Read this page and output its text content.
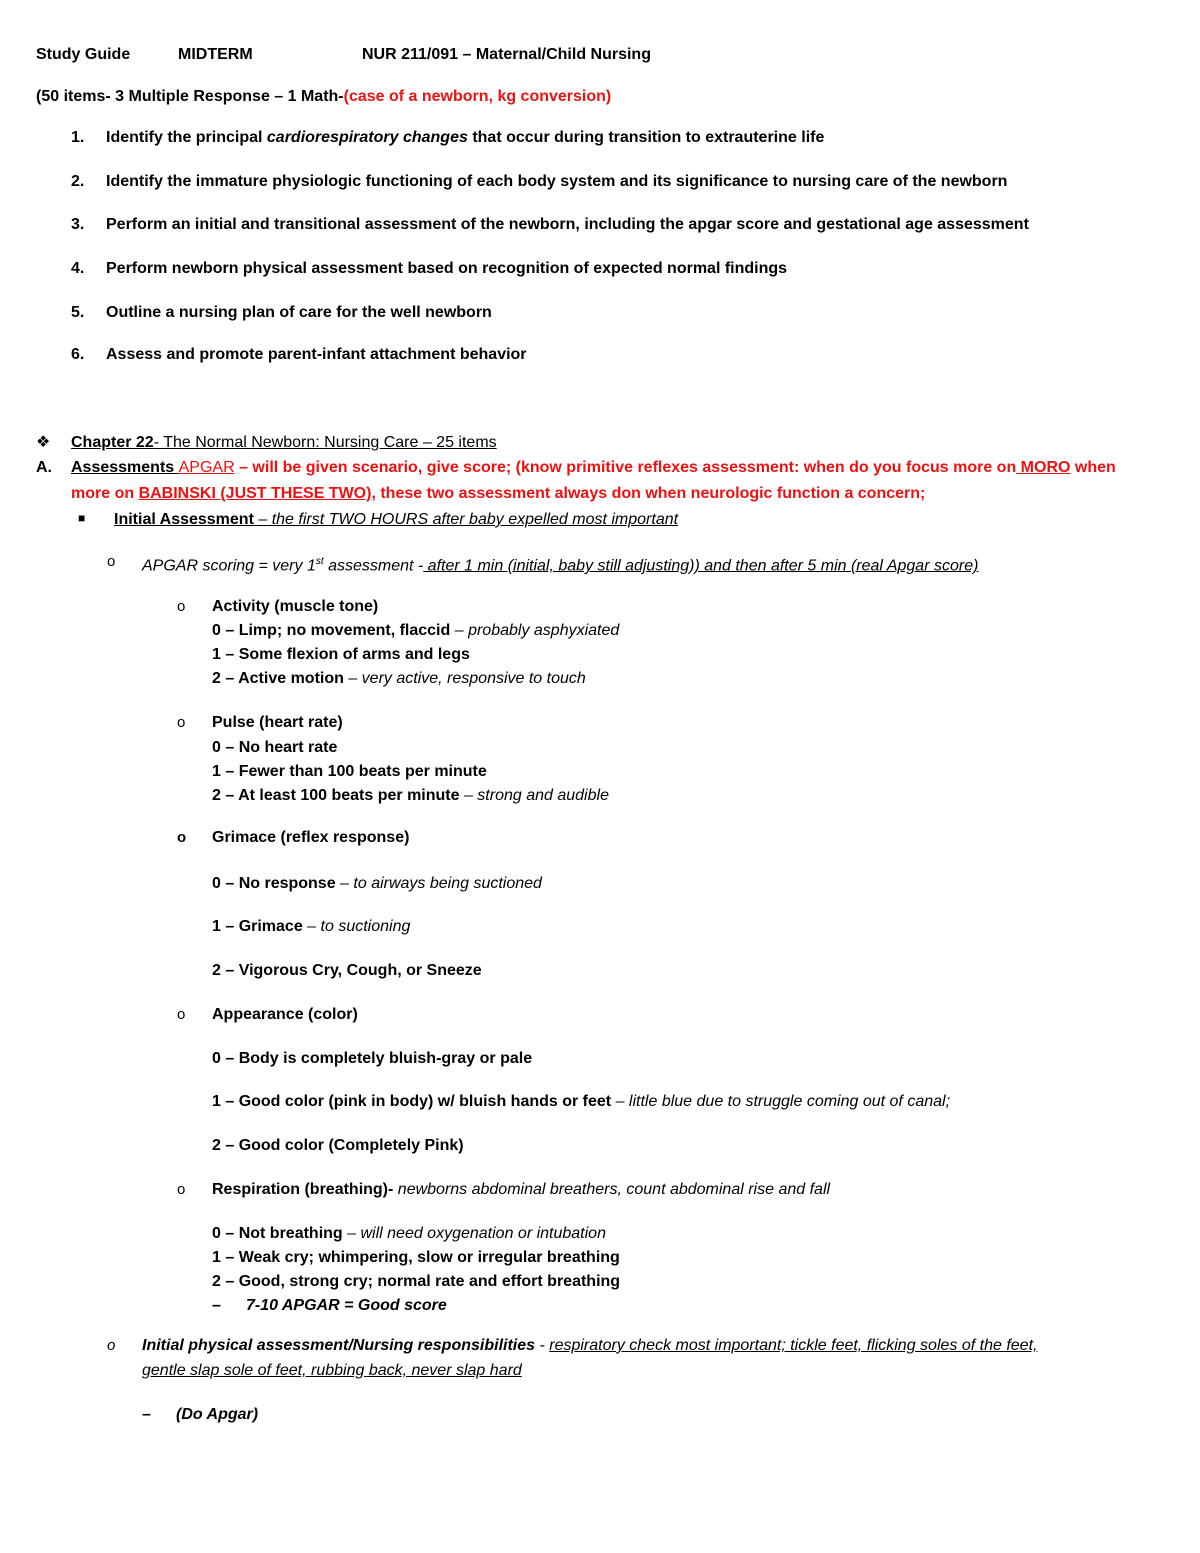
Study Guide	MIDTERM	NUR 211/091 – Maternal/Child Nursing
(50 items- 3 Multiple Response – 1 Math-(case of a newborn, kg conversion)
1. Identify the principal cardiorespiratory changes that occur during transition to extrauterine life
2. Identify the immature physiologic functioning of each body system and its significance to nursing care of the newborn
3. Perform an initial and transitional assessment of the newborn, including the apgar score and gestational age assessment
4. Perform newborn physical assessment based on recognition of expected normal findings
5. Outline a nursing plan of care for the well newborn
6. Assess and promote parent-infant attachment behavior
❖ Chapter 22- The Normal Newborn: Nursing Care – 25 items
A. Assessments APGAR – will be given scenario, give score; (know primitive reflexes assessment: when do you focus more on MORO when
more on BABINSKI (JUST THESE TWO), these two assessment always don when neurologic function a concern;
■ Initial Assessment – the first TWO HOURS after baby expelled most important
o APGAR scoring = very 1st assessment - after 1 min (initial, baby still adjusting)) and then after 5 min (real Apgar score)
o Activity (muscle tone)
0 – Limp; no movement, flaccid – probably asphyxiated
1 – Some flexion of arms and legs
2 – Active motion – very active, responsive to touch
o Pulse (heart rate)
0 – No heart rate
1 – Fewer than 100 beats per minute
2 – At least 100 beats per minute – strong and audible
o Grimace (reflex response)
0 – No response – to airways being suctioned
1 – Grimace – to suctioning
2 – Vigorous Cry, Cough, or Sneeze
o Appearance (color)
0 – Body is completely bluish-gray or pale
1 – Good color (pink in body) w/ bluish hands or feet – little blue due to struggle coming out of canal;
2 – Good color (Completely Pink)
o Respiration (breathing)- newborns abdominal breathers, count abdominal rise and fall
0 – Not breathing – will need oxygenation or intubation
1 – Weak cry; whimpering, slow or irregular breathing
2 – Good, strong cry; normal rate and effort breathing
– 7-10 APGAR = Good score
o Initial physical assessment/Nursing responsibilities - respiratory check most important; tickle feet, flicking soles of the feet,
gentle slap sole of feet, rubbing back, never slap hard
– (Do Apgar)
